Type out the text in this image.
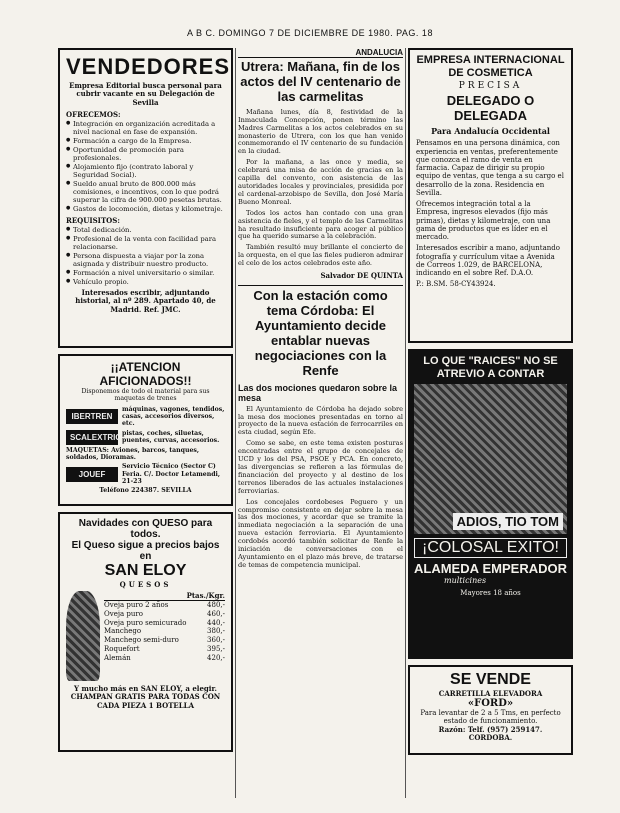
A B C. DOMINGO 7 DE DICIEMBRE DE 1980. PAG. 18
VENDEDORES
Empresa Editorial busca personal para cubrir vacante en su Delegación de Sevilla
OFRECEMOS:
● Integración en organización acreditada a nivel nacional en fase de expansión.
● Formación a cargo de la Empresa.
● Oportunidad de promoción para profesionales.
● Alojamiento fijo (contrato laboral y Seguridad Social).
● Sueldo anual bruto de 800.000 más comisiones, e incentivos, con lo que podrá superar la cifra de 900.000 pesetas brutas.
● Gastos de locomoción, dietas y kilometraje.
REQUISITOS:
● Total dedicación.
● Profesional de la venta con facilidad para relacionarse.
● Persona dispuesta a viajar por la zona asignada y distribuir nuestro producto.
● Formación a nivel universitario o similar.
● Vehículo propio.
Interesados escribir, adjuntando historial, al nº 289. Apartado 40, de Madrid. Ref. JMC.
¡¡ATENCION AFICIONADOS!!
Disponemos de todo el material para sus maquetas de trenes
IBERTREN
máquinas, vagones, tendidos, casas, accesorios diversos, etc.
SCALEXTRIC pistas, coches, siluetas, puentes, curvas, accesorios.
MAQUETAS: Aviones, barcos, tanques, soldados, Dioramas.
JOUEF
Servicio Técnico (Sector C) Feria. C/. Doctor Letamendi, 21-23
Teléfono 224387. SEVILLA
Navidades con QUESO para todos.
El Queso sigue a precios bajos en
SAN ELOY
QUESOS
Ptas./Kgr.
Oveja puro 2 años	480,-
Oveja puro	460,-
Oveja puro semicurado	440,-
Manchego	380,-
Manchego semi-duro	360,-
Roquefort	395,-
Alemán	420,-
Y mucho más en SAN ELOY, a elegir.
CHAMPAN GRATIS PARA TODAS CON CADA PIEZA 1 BOTELLA
ANDALUCIA
Utrera: Mañana, fin de los actos del IV centenario de las carmelitas

Mañana lunes, día 8, festividad de la Inmaculada Concepción, ponen término las Madres Carmelitas a los actos celebrados en su monasterio de Utrera, con los que han venido conmemorando el IV centenario de su fundación en la ciudad.

Por la mañana, a las once y media, se celebrará una misa de acción de gracias en la capilla del convento, con asistencia de las autoridades locales y provinciales, presidida por el cardenal-arzobispo de Sevilla, don José María Bueno Monreal.

Todos los actos han contado con una gran asistencia de fieles, y el templo de las Carmelitas ha resultado insuficiente para acoger al público que ha querido sumarse a la celebración.

También resultó muy brillante el concierto de la orquesta, en el que las fieles pudieron admirar el celo de los actos celebrados este año.

Salvador DE QUINTA
Con la estación como tema Córdoba: El Ayuntamiento decide entablar nuevas negociaciones con la Renfe
Las dos mociones quedaron sobre la mesa

El Ayuntamiento de Córdoba ha dejado sobre la mesa dos mociones presentadas en torno al proyecto de la nueva estación de ferrocarriles en esta ciudad, según Efe.

Como se sabe, en este tema existen posturas encontradas entre el grupo de concejales de UCD y los del PSA, PSOE y PCA. En concreto, las divergencias se refieren a las fórmulas de financiación del proyecto y al destino de los terrenos liberados de las actuales instalaciones ferroviarias.

Los concejales cordobeses Peguero y un compromiso consistente en dejar sobre la mesa las dos mociones, y acordar que se tramite la inmediata negociación a la separación de una nueva estación ferroviaria. El Ayuntamiento cordobés acordó también solicitar de Renfe la iniciación de conversaciones con el Ayuntamiento en el plazo más breve, de tratarse de temas de competencia municipal.

EMPRESA INTERNACIONAL DE COSMETICA
PRECISA
DELEGADO O DELEGADA
Para Andalucía Occidental

Pensamos en una persona dinámica, con experiencia en ventas, preferentemente que conozca el ramo de venta en farmacia. Capaz de dirigir su propio equipo de ventas, que tenga a su cargo el desarrollo de la zona. Residencia en Sevilla.

Ofrecemos integración total a la Empresa, ingresos elevados (fijo más primas), dietas y kilometraje, con una gama de productos que es líder en el mercado.

Interesados escribir a mano, adjuntando fotografía y currículum vitae a Avenida de Correos 1.029, de BARCELONA, indicando en el sobre Ref. D.A.O.

P.: B.SM. 58-CY43924.
LO QUE "RAICES" NO SE ATREVIO A CONTAR
ADIOS, TIO TOM
¡COLOSAL EXITO!
ALAMEDA EMPERADOR
multicines
Mayores 18 años
SE VENDE
CARRETILLA ELEVADORA
«FORD»
Para levantar de 2 a 5 Tms, en perfecto estado de funcionamiento.
Razón: Telf. (957) 259147. CORDOBA.
